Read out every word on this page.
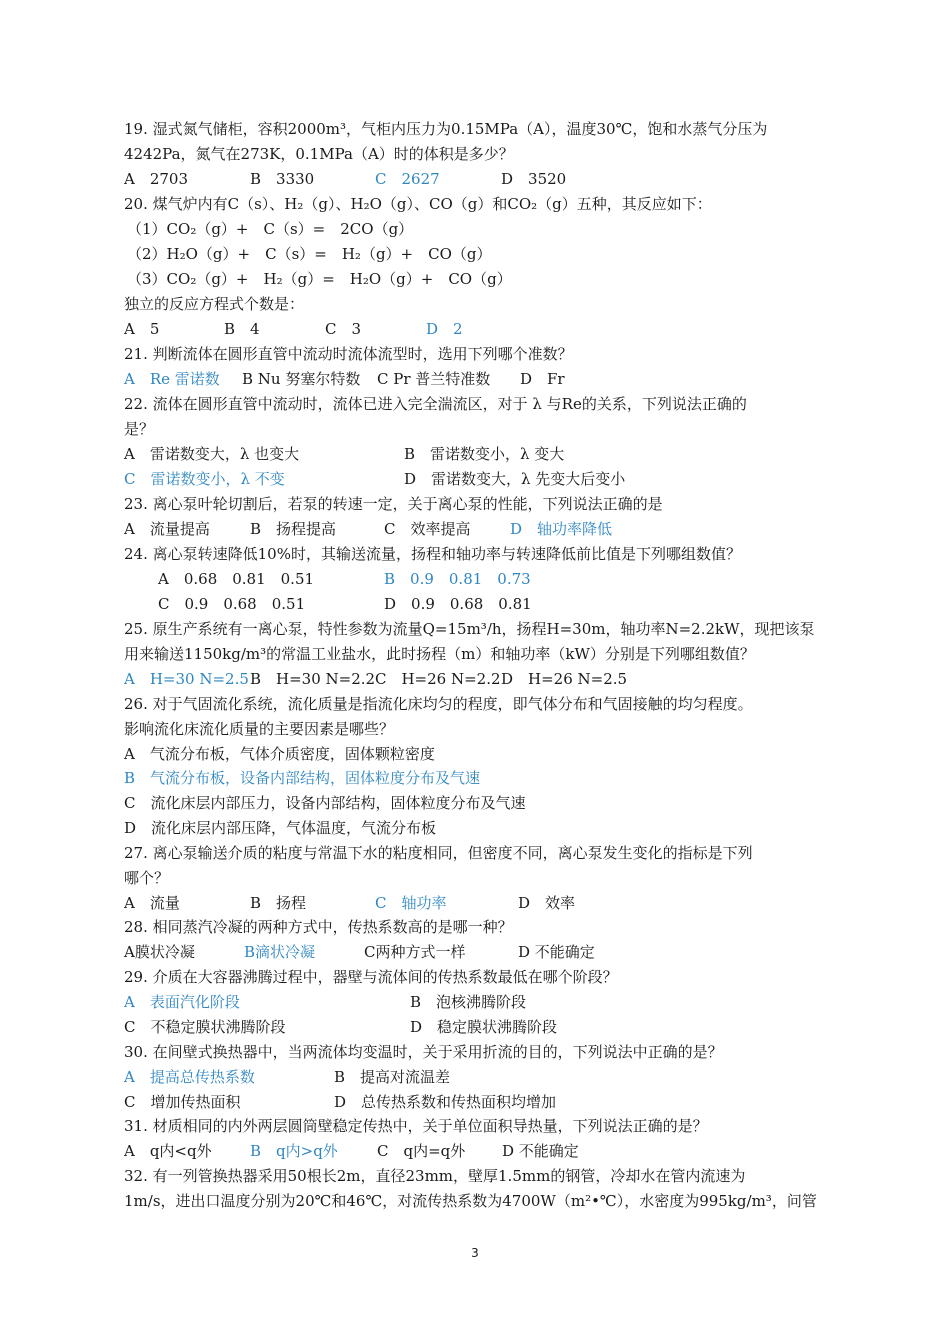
19. 湿式氮气储柜，容积2000m³，气柜内压力为0.15MPa（A），温度30℃，饱和水蒸气分压为
4242Pa，氮气在273K，0.1MPa（A）时的体积是多少？
A　2703	B　3330	C　2627	D　3520
20. 煤气炉内有C（s）、H₂（g）、H₂O（g）、CO（g）和CO₂（g）五种，其反应如下：
（1）CO₂（g）+　C（s）=　2CO（g）
（2）H₂O（g）+　C（s）=　H₂（g）+　CO（g）
（3）CO₂（g）+　H₂（g）=　H₂O（g）+　CO（g）
独立的反应方程式个数是：
A　5	B　4	C　3	D　2
21. 判断流体在圆形直管中流动时流体流型时，选用下列哪个准数？
A　Re 雷诺数 B Nu 努塞尔特数 C Pr 普兰特准数 D　Fr
22. 流体在圆形直管中流动时，流体已进入完全湍流区，对于 λ 与Re的关系，下列说法正确的
是？
A　雷诺数变大，λ 也变大	B　雷诺数变小，λ 变大
C　雷诺数变小，λ 不变	D　雷诺数变大，λ 先变大后变小
23. 离心泵叶轮切割后，若泵的转速一定，关于离心泵的性能，下列说法正确的是
A　流量提高	B　扬程提高	C　效率提高	D　轴功率降低
24. 离心泵转速降低10%时，其输送流量，扬程和轴功率与转速降低前比值是下列哪组数值？
A　0.68　0.81　0.51	B　0.9　0.81　0.73
C　0.9　0.68　0.51	D　0.9　0.68　0.81
25. 原生产系统有一离心泵，特性参数为流量Q=15m³/h，扬程H=30m，轴功率N=2.2kW，现把该泵
用来输送1150kg/m³的常温工业盐水，此时扬程（m）和轴功率（kW）分别是下列哪组数值？
A　H=30 N=2.5 B　H=30 N=2.2 C　H=26 N=2.2 D　H=26 N=2.5
26. 对于气固流化系统，流化质量是指流化床均匀的程度，即气体分布和气固接触的均匀程度。
影响流化床流化质量的主要因素是哪些？
A　气流分布板，气体介质密度，固体颗粒密度
B　气流分布板，设备内部结构，固体粒度分布及气速
C　流化床层内部压力，设备内部结构，固体粒度分布及气速
D　流化床层内部压降，气体温度，气流分布板
27. 离心泵输送介质的粘度与常温下水的粘度相同，但密度不同，离心泵发生变化的指标是下列
哪个？
A　流量	B　扬程	C　轴功率	D　效率
28. 相同蒸汽冷凝的两种方式中，传热系数高的是哪一种？
A膜状冷凝	B滴状冷凝	C两种方式一样	D 不能确定
29. 介质在大容器沸腾过程中，器壁与流体间的传热系数最低在哪个阶段？
A　表面汽化阶段	B　泡核沸腾阶段
C　不稳定膜状沸腾阶段	D　稳定膜状沸腾阶段
30. 在间壁式换热器中，当两流体均变温时，关于采用折流的目的，下列说法中正确的是？
A　提高总传热系数	B　提高对流温差
C　增加传热面积	D　总传热系数和传热面积均增加
31. 材质相同的内外两层圆筒壁稳定传热中，关于单位面积导热量，下列说法正确的是？
A　q内<q外	B　q内>q外	C　q内=q外 D 不能确定
32. 有一列管换热器采用50根长2m，直径23mm，壁厚1.5mm的钢管，冷却水在管内流速为
1m/s，进出口温度分别为20℃和46℃，对流传热系数为4700W（m²•℃），水密度为995kg/m³，问管
3
